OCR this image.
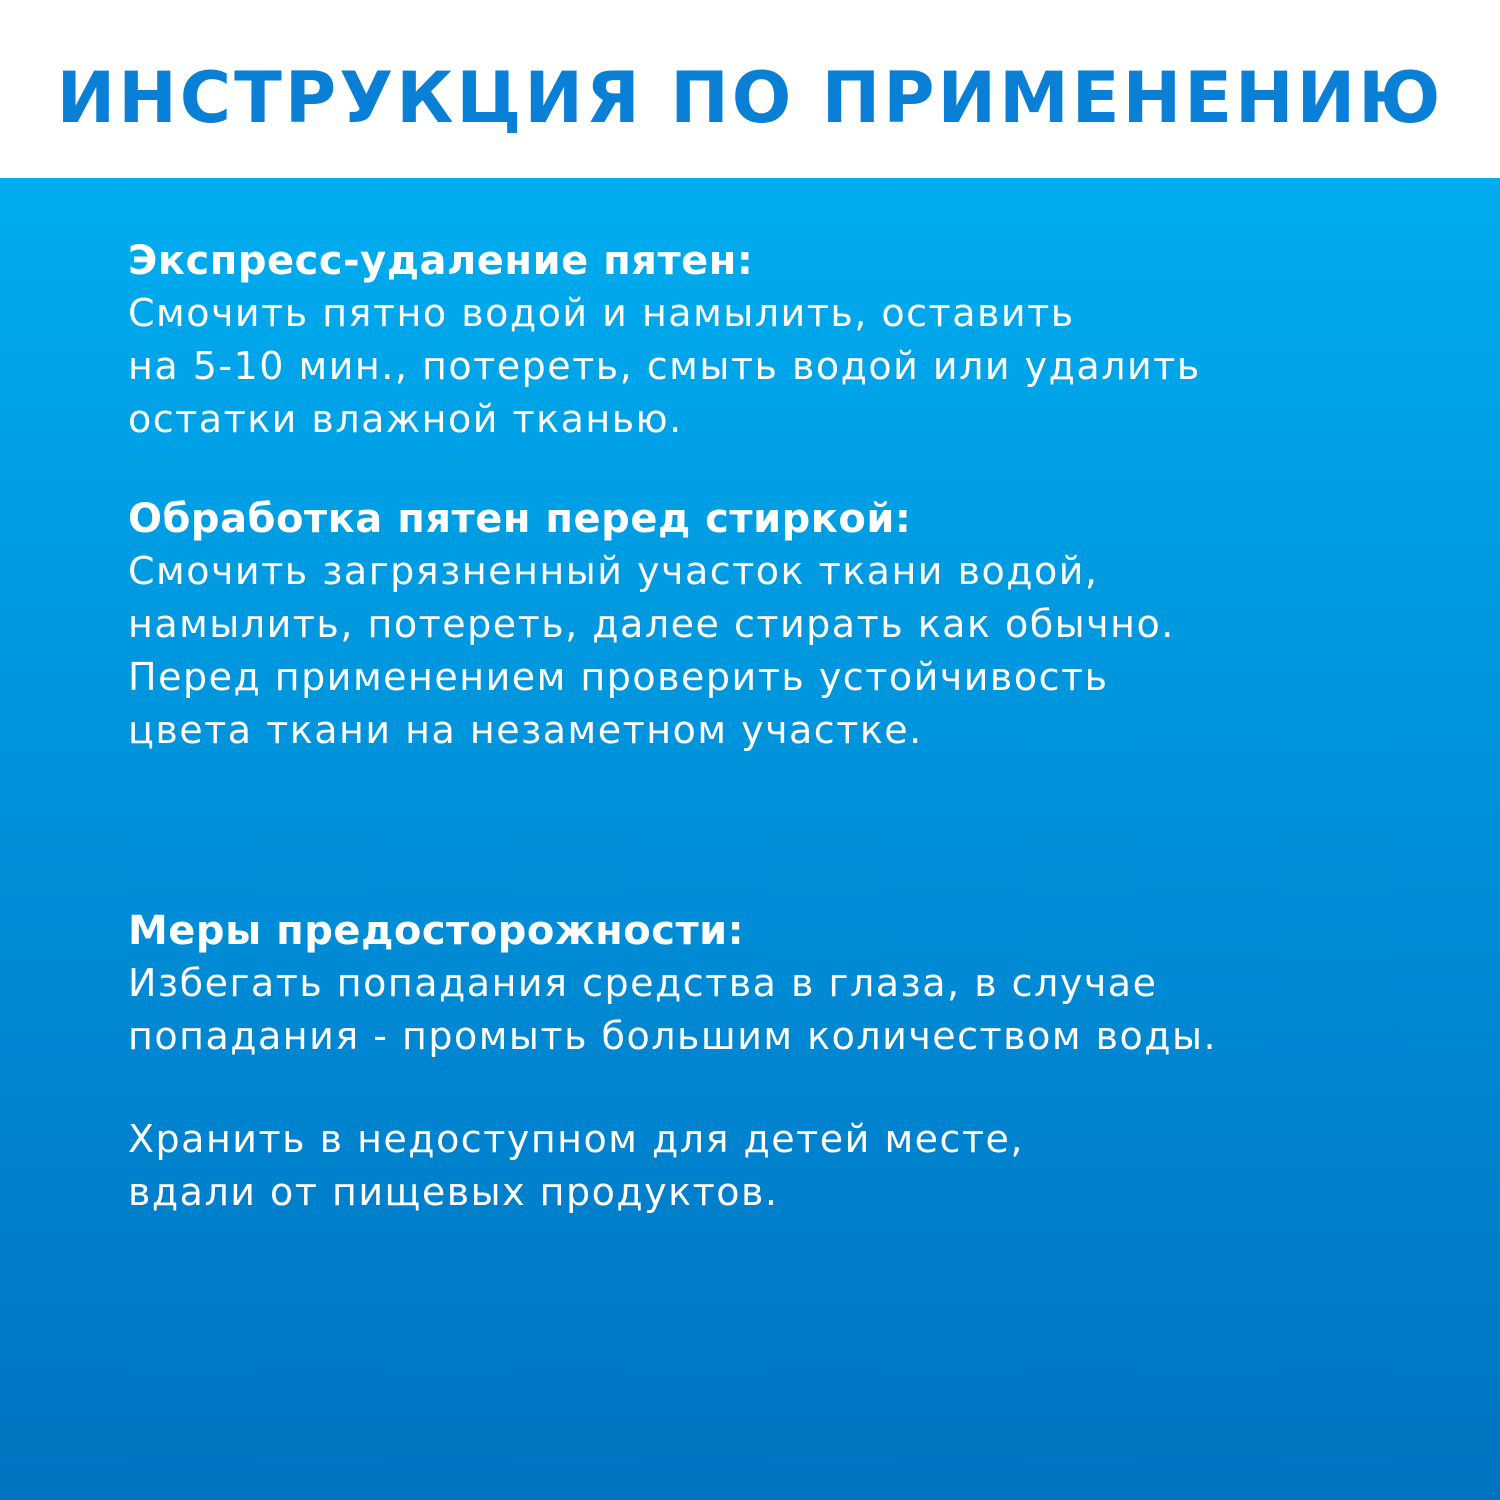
ИНСТРУКЦИЯ ПО ПРИМЕНЕНИЮ
Экспресс-удаление пятен:
Смочить пятно водой и намылить, оставить
на 5-10 мин., потереть, смыть водой или удалить
остатки влажной тканью.
Обработка пятен перед стиркой:
Смочить загрязненный участок ткани водой,
намылить, потереть, далее стирать как обычно.
Перед применением проверить устойчивость
цвета ткани на незаметном участке.
Меры предосторожности:
Избегать попадания средства в глаза, в случае
попадания - промыть большим количеством воды.
Хранить в недоступном для детей месте,
вдали от пищевых продуктов.
